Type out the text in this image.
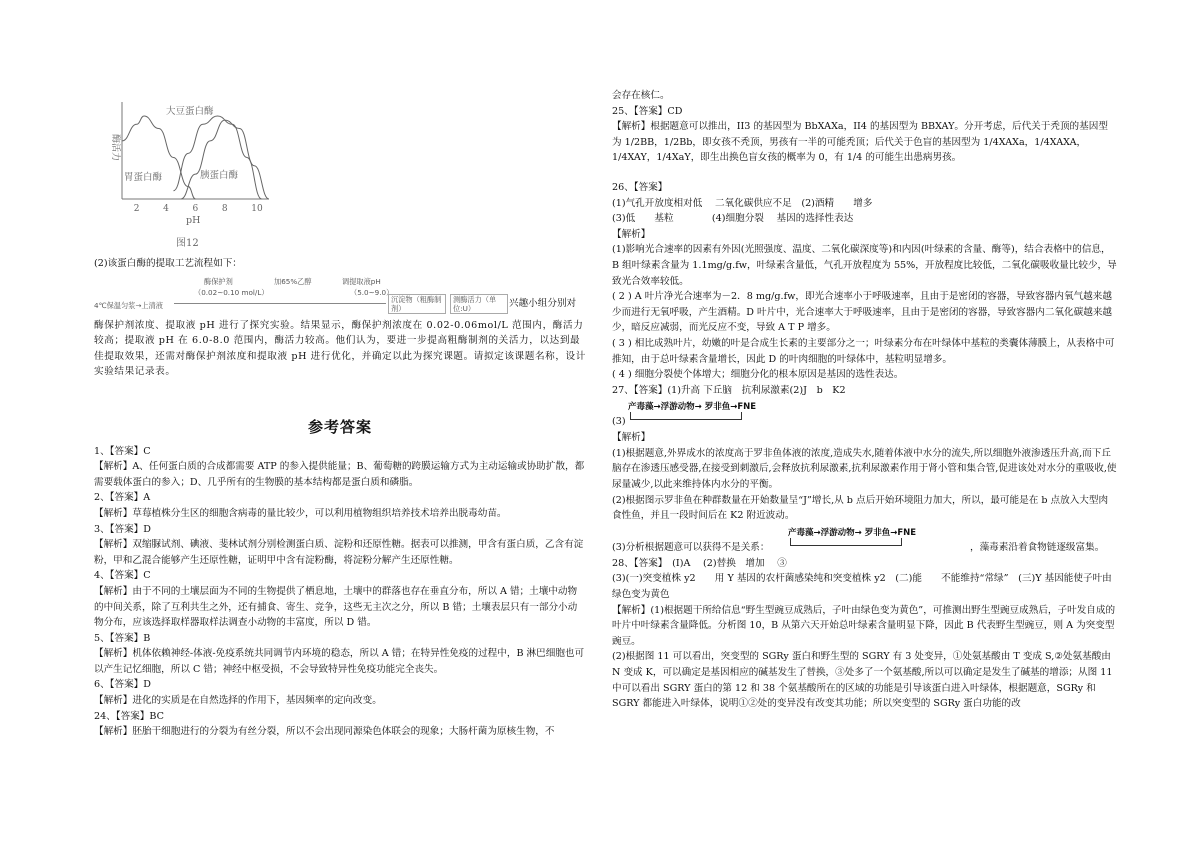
酶活力
2	4	6	8	10
大豆蛋白酶
胃蛋白酶	胰蛋白酶
pH
图12

(2)该蛋白酶的提取工艺流程如下：

酶保护剂
（0.02~0.10 mol/L）
加65%乙醇	调提取液pH
（5.0~9.0）
4℃保温匀浆→上清液
沉淀物（粗酶制剂）
测酶活力（单位:U）	兴趣小组分别对

酶保护剂浓度、提取液 pH 进行了探究实验。结果显示，酶保护剂浓度在 0.02-0.06mol/L 范围内，酶活力较高；提取液 pH 在 6.0-8.0 范围内，酶活力较高。他们认为，要进一步提高粗酶制剂的关活力，以达到最佳提取效果，还需对酶保护剂浓度和提取液 pH 进行优化，并确定以此为探究课题。请拟定该课题名称，设计实验结果记录表。

参考答案

1、【答案】C

【解析】A、任何蛋白质的合成都需要 ATP 的参入提供能量；B、葡萄糖的跨膜运输方式为主动运输或协助扩散，都需要载体蛋白的参入；D、几乎所有的生物膜的基本结构都是蛋白质和磷脂。

2、【答案】A

【解析】草莓植株分生区的细胞含病毒的量比较少，可以利用植物组织培养技术培养出脱毒幼苗。

3、【答案】D

【解析】双缩脲试剂、碘液、斐林试剂分别检测蛋白质、淀粉和还原性糖。据表可以推测，甲含有蛋白质，乙含有淀粉，甲和乙混合能够产生还原性糖，证明甲中含有淀粉酶，将淀粉分解产生还原性糖。

4、【答案】C

【解析】由于不同的土壤层面为不同的生物提供了栖息地，土壤中的群落也存在垂直分布，所以 A 错；土壤中动物的中间关系，除了互利共生之外，还有捕食、寄生、竞争，这些无主次之分，所以 B 错；土壤表层只有一部分小动物分布，应该选择取样器取样法调查小动物的丰富度，所以 D 错。

5、【答案】B

【解析】机体依赖神经-体液-免疫系统共同调节内环境的稳态，所以 A 错；在特异性免疫的过程中，B 淋巴细胞也可以产生记忆细胞，所以 C 错；神经中枢受损，不会导致特异性免疫功能完全丧失。

6、【答案】D

【解析】进化的实质是在自然选择的作用下，基因频率的定向改变。

24、【答案】BC

【解析】胚胎干细胞进行的分裂为有丝分裂，所以不会出现同源染色体联会的现象；大肠杆菌为原核生物，不

会存在核仁。

25、【答案】CD

【解析】根据题意可以推出，II3 的基因型为 BbXAXa，II4 的基因型为 BBXAY。分开考虑，后代关于秃顶的基因型为 1/2BB，1/2Bb，即女孩不秃顶，男孩有一半的可能秃顶；后代关于色盲的基因型为 1/4XAXa，1/4XAXA，1/4XAY，1/4XaY，即生出换色盲女孩的概率为 0，有 1/4 的可能生出患病男孩。

26、【答案】

(1)气孔开放度相对低　 二氧化碳供应不足　(2)酒精　　增多

(3)低　　基粒　　　　(4)细胞分裂　 基因的选择性表达

【解析】

(1)影响光合速率的因素有外因(光照强度、温度、二氧化碳深度等)和内因(叶绿素的含量、酶等)，结合表格中的信息，B 组叶绿素含量为 1.1mg/g.fw，叶绿素含量低，气孔开放程度为 55%，开放程度比较低，二氧化碳吸收量比较少，导致光合效率较低。

( 2 ) A 叶片净光合速率为－2．8 mg/g.fw，即光合速率小于呼吸速率，且由于是密闭的容器，导致容器内氧气越来越少而进行无氧呼吸，产生酒精。D 叶片中，光合速率大于呼吸速率，且由于是密闭的容器，导致容器内二氧化碳越来越少，暗反应减弱，而光反应不变，导致 A T P 增多。

( 3 ) 相比成熟叶片，幼嫩的叶是合成生长素的主要部分之一；叶绿素分布在叶绿体中基粒的类囊体薄膜上，从表格中可推知，由于总叶绿素含量增长，因此 D 的叶肉细胞的叶绿体中，基粒明显增多。

( 4 ) 细胞分裂使个体增大；细胞分化的根本原因是基因的选性表达。

27、【答案】(1)升高 下丘脑　抗利尿激素(2)J　b　K2

产毒藻→浮游动物→ 罗非鱼→FNE
(3)

【解析】

(1)根据题意,外界成水的浓度高于罗非鱼体液的浓度,造成失水,随着体液中水分的流失,所以细胞外液渗透压升高,而下丘脑存在渗透压感受器,在接受到刺激后,会释放抗利尿激素,抗利尿激素作用于肾小管和集合管,促进该处对水分的重吸收,使尿量减少,以此来维持体内水分的平衡。

(2)根据图示罗非鱼在种群数量在开始数量呈“J”增长,从 b 点后开始环境阻力加大，所以，最可能是在 b 点放入大型肉食性鱼，并且一段时间后在 K2 附近波动。

产毒藻→浮游动物→ 罗非鱼→FNE
(3)分析根据题意可以获得不是关系：	，藻毒素沿着食物链逐级富集。

28、【答案】　(I)A　 (2)替换　增加　 ③

(3)(一)突变植株 y2　　用 Y 基因的农杆菌感染纯和突变植株 y2　(二)能　　不能维持“常绿”　(三)Y 基因能使子叶由绿色变为黄色

【解析】(1)根据题干所给信息“野生型豌豆成熟后，子叶由绿色变为黄色”，可推测出野生型豌豆成熟后，子叶发自成的叶片中叶绿素含量降低。分析图 10，B 从第六天开始总叶绿素含量明显下降，因此 B 代表野生型豌豆，则 A 为突变型豌豆。

(2)根据图 11 可以看出，突变型的 SGRy 蛋白和野生型的 SGRY 有 3 处变异，①处氨基酸由 T 变成 S,②处氨基酸由 N 变成 K，可以确定是基因相应的碱基发生了替换，③处多了一个氨基酸,所以可以确定是发生了碱基的增添；从图 11 中可以看出 SGRY 蛋白的第 12 和 38 个氨基酸所在的区域的功能是引导该蛋白进入叶绿体，根据题意，SGRy 和 SGRY 都能进入叶绿体，说明①②处的变异没有改变其功能；所以突变型的 SGRy 蛋白功能的改
